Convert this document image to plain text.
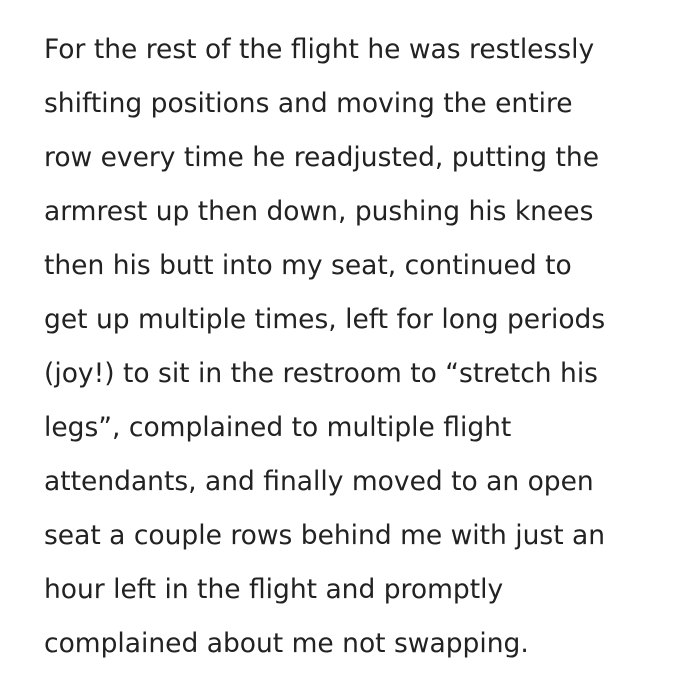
For the rest of the flight he was restlessly
shifting positions and moving the entire
row every time he readjusted, putting the
armrest up then down, pushing his knees
then his butt into my seat, continued to
get up multiple times, left for long periods
(joy!) to sit in the restroom to “stretch his
legs”, complained to multiple flight
attendants, and finally moved to an open
seat a couple rows behind me with just an
hour left in the flight and promptly
complained about me not swapping.
